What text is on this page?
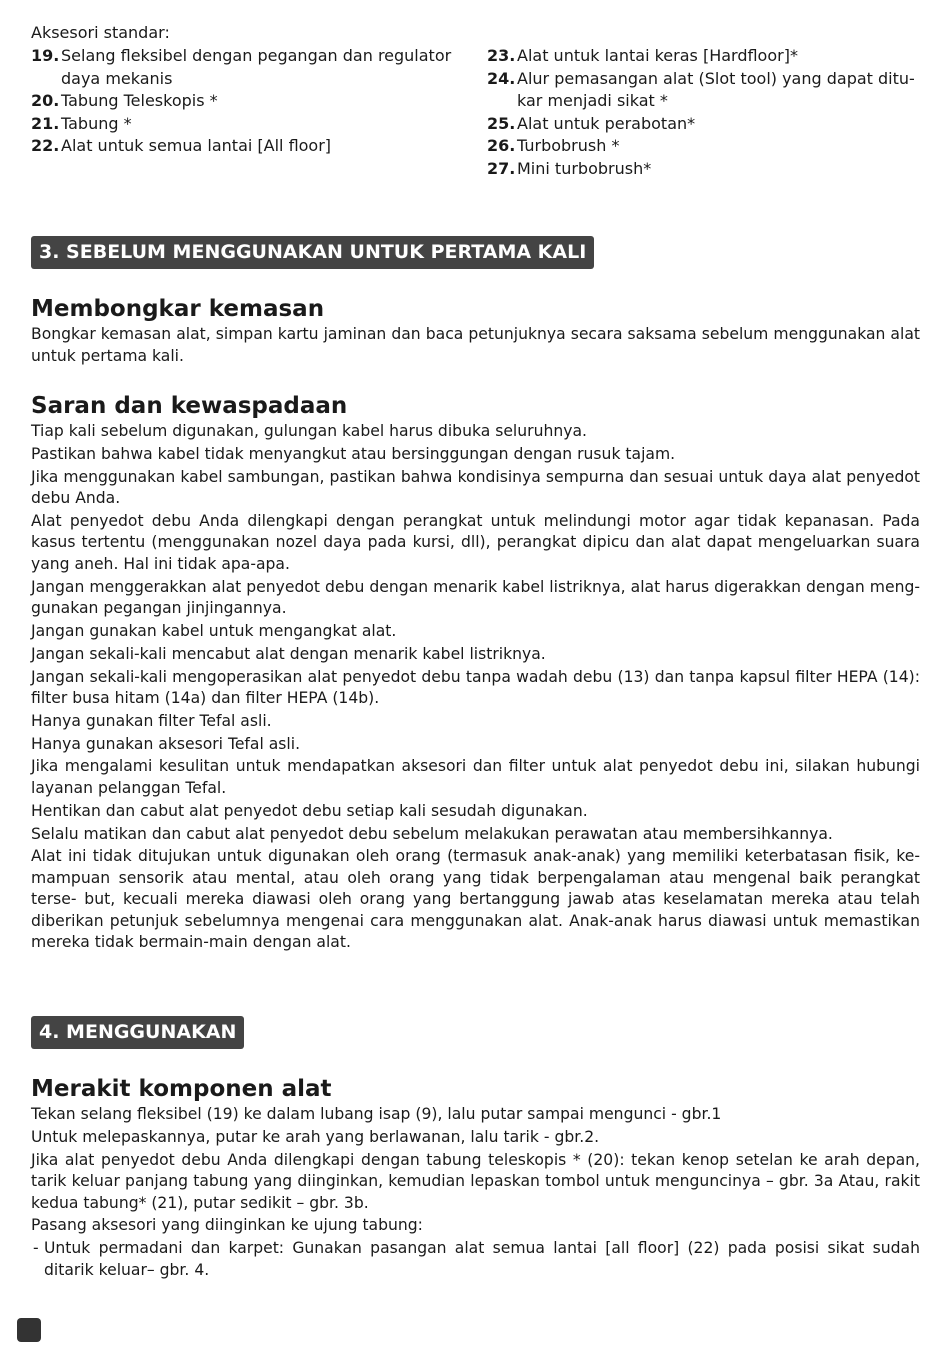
Aksesori standar:
19. Selang fleksibel dengan pegangan dan regulator daya mekanis
20. Tabung Teleskopis *
21. Tabung *
22. Alat untuk semua lantai [All floor]
23. Alat untuk lantai keras [Hardfloor]*
24. Alur pemasangan alat (Slot tool) yang dapat ditu- kar menjadi sikat *
25. Alat untuk perabotan*
26. Turbobrush *
27. Mini turbobrush*
3. SEBELUM MENGGUNAKAN UNTUK PERTAMA KALI
Membongkar kemasan

Bongkar kemasan alat, simpan kartu jaminan dan baca petunjuknya secara saksama sebelum menggunakan alat untuk pertama kali.

Saran dan kewaspadaan

Tiap kali sebelum digunakan, gulungan kabel harus dibuka seluruhnya.

Pastikan bahwa kabel tidak menyangkut atau bersinggungan dengan rusuk tajam.

Jika menggunakan kabel sambungan, pastikan bahwa kondisinya sempurna dan sesuai untuk daya alat penyedot debu Anda.

Alat penyedot debu Anda dilengkapi dengan perangkat untuk melindungi motor agar tidak kepanasan. Pada kasus tertentu (menggunakan nozel daya pada kursi, dll), perangkat dipicu dan alat dapat mengeluarkan suara yang aneh. Hal ini tidak apa-apa.

Jangan menggerakkan alat penyedot debu dengan menarik kabel listriknya, alat harus digerakkan dengan meng- gunakan pegangan jinjingannya.

Jangan gunakan kabel untuk mengangkat alat.

Jangan sekali-kali mencabut alat dengan menarik kabel listriknya.

Jangan sekali-kali mengoperasikan alat penyedot debu tanpa wadah debu (13) dan tanpa kapsul filter HEPA (14): filter busa hitam (14a) dan filter HEPA (14b).

Hanya gunakan filter Tefal asli.

Hanya gunakan aksesori Tefal asli.

Jika mengalami kesulitan untuk mendapatkan aksesori dan filter untuk alat penyedot debu ini, silakan hubungi layanan pelanggan Tefal.

Hentikan dan cabut alat penyedot debu setiap kali sesudah digunakan.

Selalu matikan dan cabut alat penyedot debu sebelum melakukan perawatan atau membersihkannya.

Alat ini tidak ditujukan untuk digunakan oleh orang (termasuk anak-anak) yang memiliki keterbatasan fisik, ke- mampuan sensorik atau mental, atau oleh orang yang tidak berpengalaman atau mengenal baik perangkat terse- but, kecuali mereka diawasi oleh orang yang bertanggung jawab atas keselamatan mereka atau telah diberikan petunjuk sebelumnya mengenai cara menggunakan alat. Anak-anak harus diawasi untuk memastikan mereka tidak bermain-main dengan alat.

4. MENGGUNAKAN
Merakit komponen alat

Tekan selang fleksibel (19) ke dalam lubang isap (9), lalu putar sampai mengunci - gbr.1

Untuk melepaskannya, putar ke arah yang berlawanan, lalu tarik - gbr.2.

Jika alat penyedot debu Anda dilengkapi dengan tabung teleskopis * (20): tekan kenop setelan ke arah depan, tarik keluar panjang tabung yang diinginkan, kemudian lepaskan tombol untuk menguncinya – gbr. 3a Atau, rakit kedua tabung* (21), putar sedikit – gbr. 3b.

Pasang aksesori yang diinginkan ke ujung tabung:

- Untuk permadani dan karpet: Gunakan pasangan alat semua lantai [all floor] (22) pada posisi sikat sudah ditarik keluar– gbr. 4.
